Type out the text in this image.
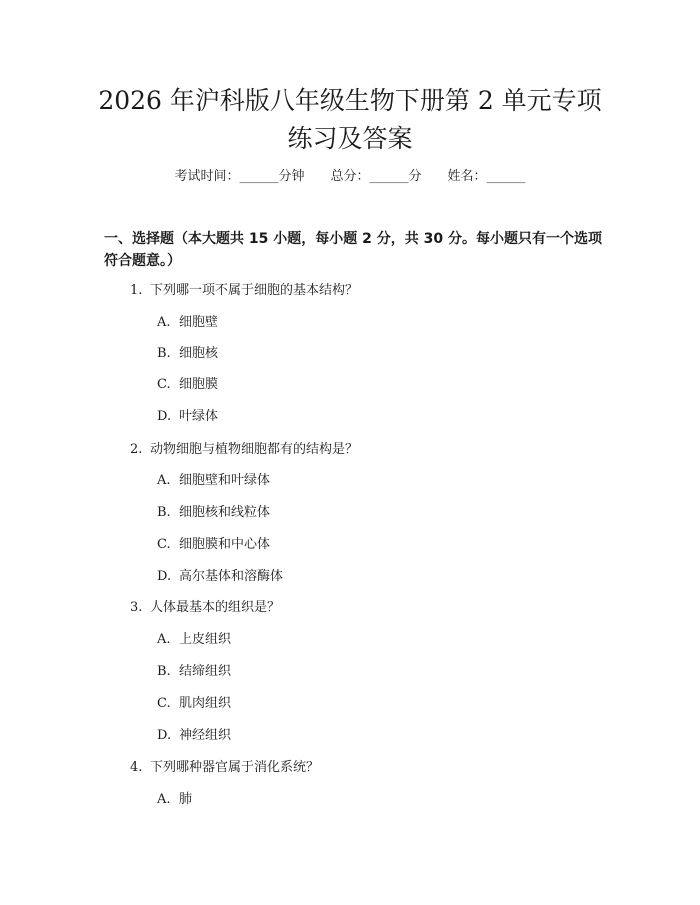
2026 年沪科版八年级生物下册第 2 单元专项
练习及答案
考试时间：______分钟 总分：______分 姓名：______
一、选择题（本大题共 15 小题，每小题 2 分，共 30 分。每小题只有一个选项符合题意。）
1. 下列哪一项不属于细胞的基本结构？
A. 细胞壁
B. 细胞核
C. 细胞膜
D. 叶绿体
2. 动物细胞与植物细胞都有的结构是？
A. 细胞壁和叶绿体
B. 细胞核和线粒体
C. 细胞膜和中心体
D. 高尔基体和溶酶体
3. 人体最基本的组织是？
A. 上皮组织
B. 结缔组织
C. 肌肉组织
D. 神经组织
4. 下列哪种器官属于消化系统？
A. 肺
